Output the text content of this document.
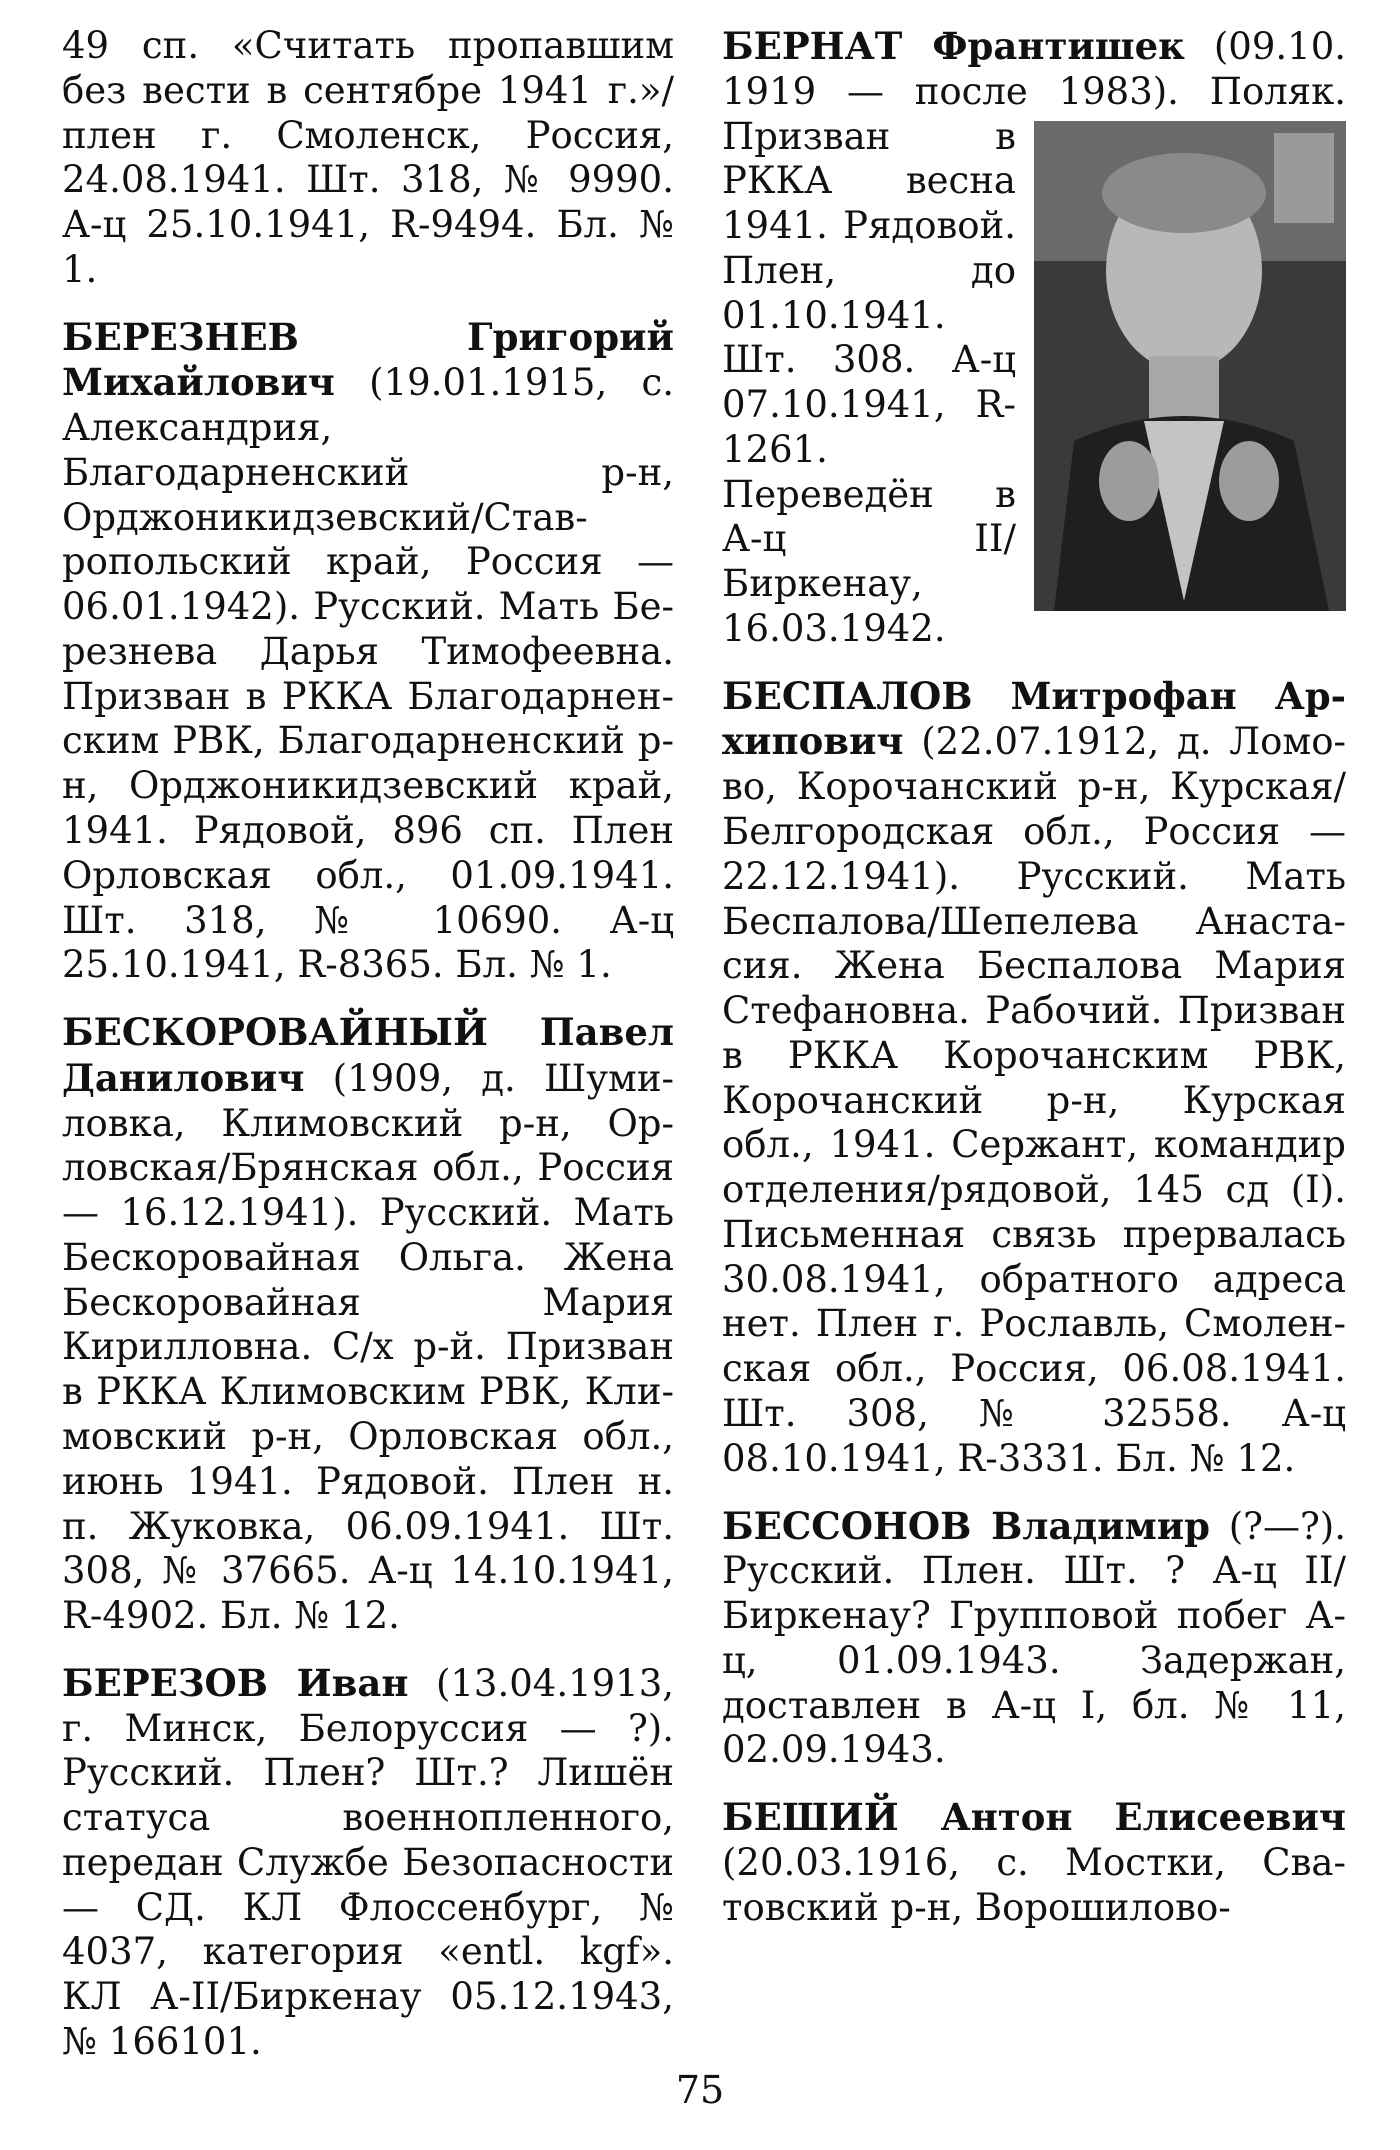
49 сп. «Считать пропавшим без вести в сентябре 1941 г.»/плен г. Смоленск, Россия, 24.08.1941. Шт. 318, № 9990. А-ц 25.10.1941, R-9494. Бл. № 1.

БЕРЕЗНЕВ Григорий Михайлович (19.01.1915, с. Александрия, Благодарненский р-н, Орджоникидзевский/Ставропольский край, Россия — 06.01.1942). Русский. Мать Березнева Дарья Тимофеевна. Призван в РККА Благодарненским РВК, Благодарненский р-н, Орджоникидзевский край, 1941. Рядовой, 896 сп. Плен Орловская обл., 01.09.1941. Шт. 318, № 10690. А-ц 25.10.1941, R-8365. Бл. № 1.

БЕСКОРОВАЙНЫЙ Павел Данилович (1909, д. Шумиловка, Климовский р-н, Орловская/Брянская обл., Россия — 16.12.1941). Русский. Мать Бескоровайная Ольга. Жена Бескоровайная Мария Кирилловна. С/х р-й. Призван в РККА Климовским РВК, Климовский р-н, Орловская обл., июнь 1941. Рядовой. Плен н. п. Жуковка, 06.09.1941. Шт. 308, № 37665. А-ц 14.10.1941, R-4902. Бл. № 12.

БЕРЕЗОВ Иван (13.04.1913, г. Минск, Белоруссия — ?). Русский. Плен? Шт.? Лишён статуса военнопленного, передан Службе Безопасности — СД. КЛ Флоссенбург, № 4037, категория «entl. kgf». КЛ А-II/Биркенау 05.12.1943, № 166101.

БЕРНАТ Франтишек (09.10. 1919 — после 1983). Поляк.
Призван в РККА весна 1941. Рядовой. Плен, до 01.10.1941. Шт. 308. А-ц 07.10.1941, R-1261. Переведён в А-ц II/ Биркенау, 16.03.1942.

БЕСПАЛОВ Митрофан Архипович (22.07.1912, д. Ломово, Корочанский р-н, Курская/ Белгородская обл., Россия — 22.12.1941). Русский. Мать Беспалова/Шепелева Анастасия. Жена Беспалова Мария Стефановна. Рабочий. Призван в РККА Корочанским РВК, Корочанский р-н, Курская обл., 1941. Сержант, командир отделения/рядовой, 145 сд (I). Письменная связь прервалась 30.08.1941, обратного адреса нет. Плен г. Рославль, Смоленская обл., Россия, 06.08.1941. Шт. 308, № 32558. А-ц 08.10.1941, R-3331. Бл. № 12.

БЕССОНОВ Владимир (?—?). Русский. Плен. Шт. ? А-ц II/Биркенау? Групповой побег А-ц, 01.09.1943. Задержан, доставлен в А-ц I, бл. № 11, 02.09.1943.

БЕШИЙ Антон Елисеевич (20.03.1916, с. Мостки, Сватовский р-н, Ворошилово-

75
